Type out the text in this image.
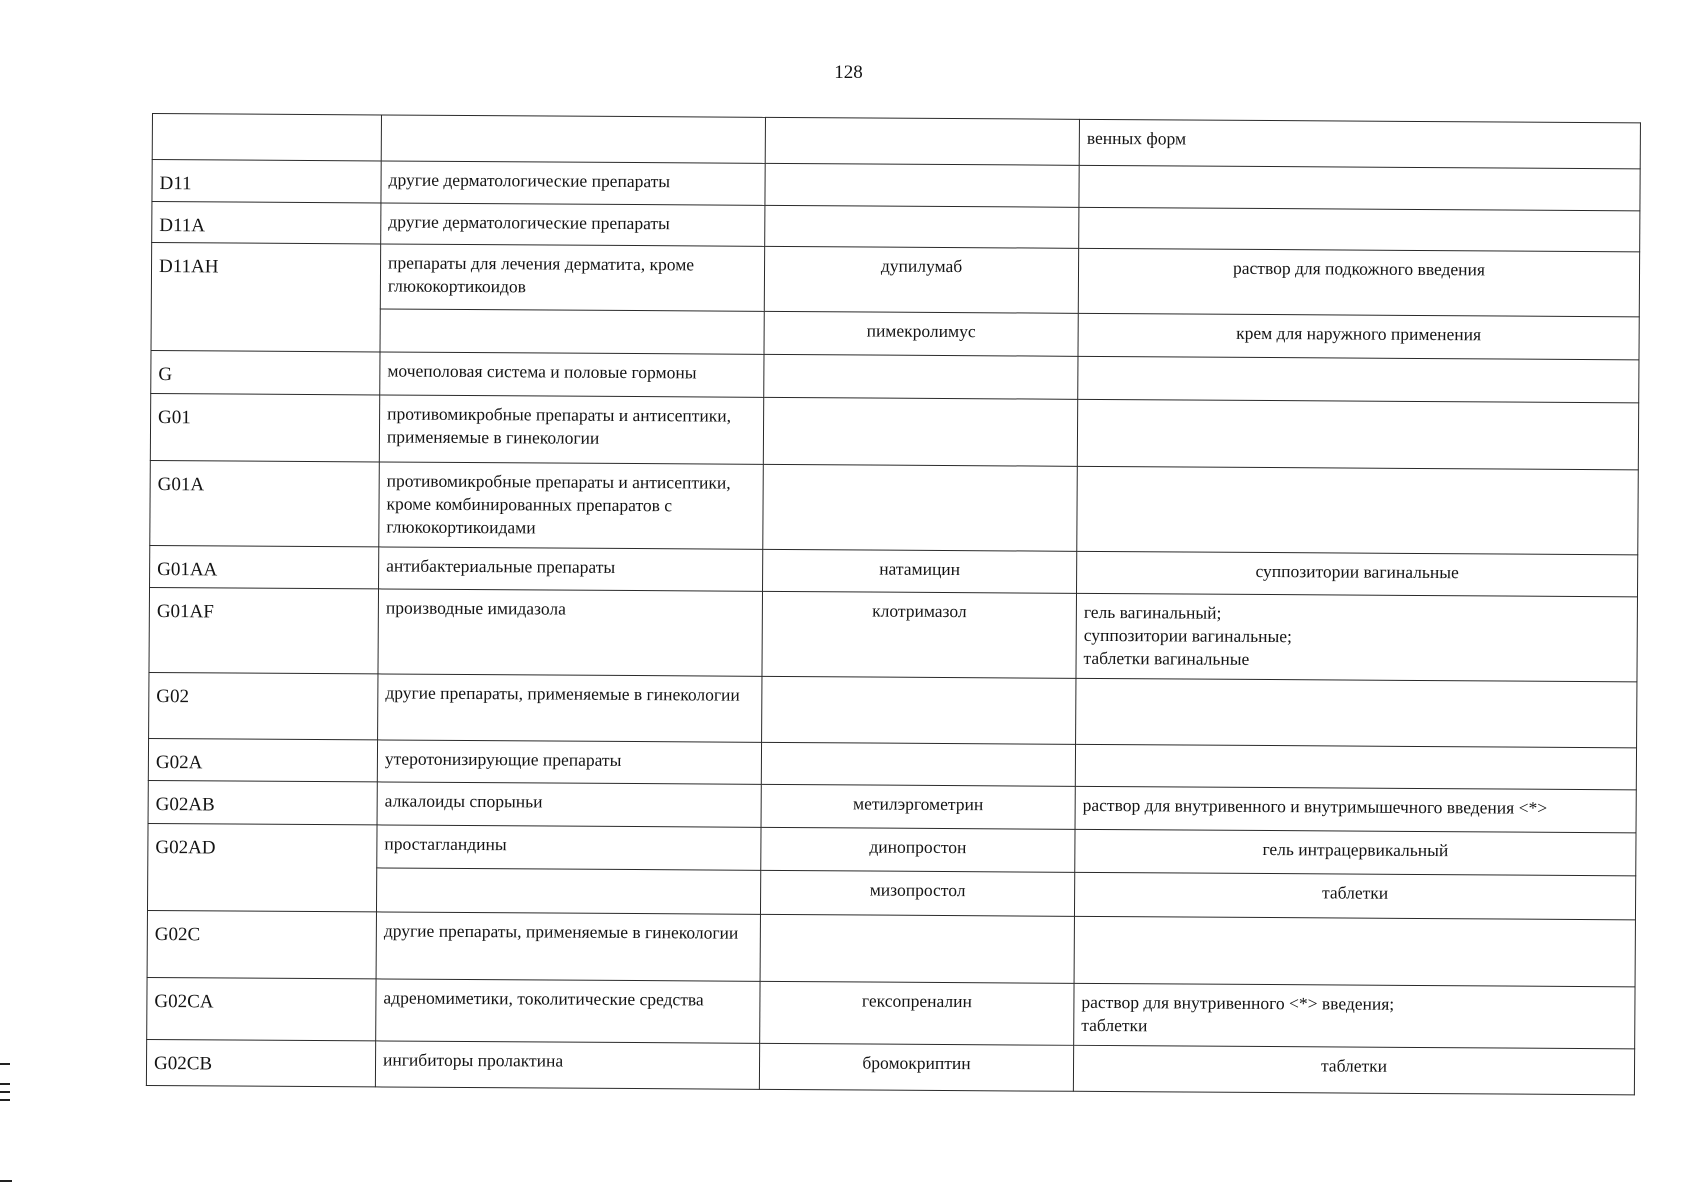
128

			венных форм

D11	другие дерматологические препараты		
D11A	другие дерматологические препараты		
D11AH	препараты для лечения дерматита, кроме глюкокортикоидов	дупилумаб	раствор для подкожного введения

		пимекролимус	крем для наружного применения

G	мочеполовая система и половые гормоны		
G01	противомикробные препараты и антисептики, применяемые в гинекологии		
G01A	противомикробные препараты и антисептики, кроме комбинированных препаратов с глюкокортикоидами		
G01AA	антибактериальные препараты	натамицин	суппозитории вагинальные

G01AF	производные имидазола	клотримазол	гель вагинальный;
суппозитории вагинальные;
таблетки вагинальные

G02	другие препараты, применяемые в гинекологии		
G02A	утеротонизирующие препараты		
G02AB	алкалоиды спорыньи	метилэргометрин	раствор для внутривенного и внутримышечного введения <*>

G02AD	простагландины	динопростон	гель интрацервикальный

		мизопростол	таблетки

G02C	другие препараты, применяемые в гинекологии		
G02CA	адреномиметики, токолитические средства	гексопреналин	раствор для внутривенного <*> введения;
таблетки

G02CB	ингибиторы пролактина	бромокриптин	таблетки
